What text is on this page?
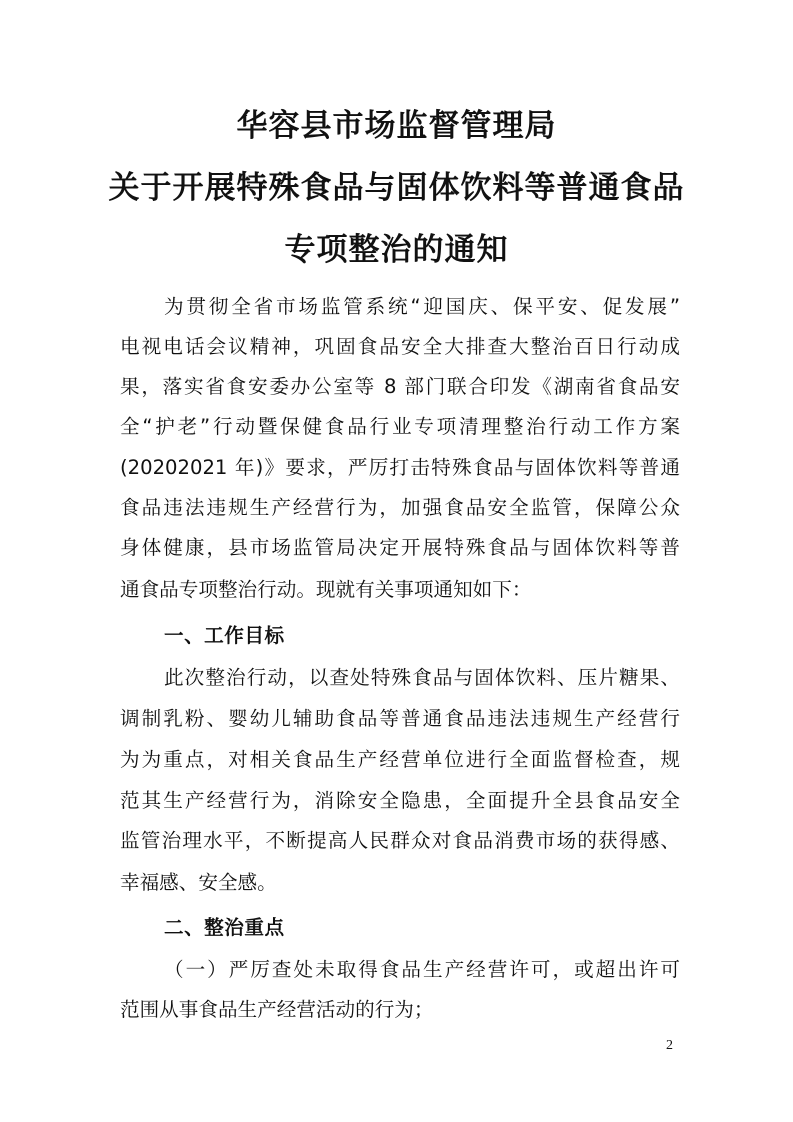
华容县市场监督管理局
关于开展特殊食品与固体饮料等普通食品
专项整治的通知

为贯彻全省市场监管系统“迎国庆、保平安、促发展”

电视电话会议精神，巩固食品安全大排查大整治百日行动成

果，落实省食安委办公室等 8 部门联合印发《湖南省食品安

全“护老”行动暨保健食品行业专项清理整治行动工作方案

(20202021 年)》要求，严厉打击特殊食品与固体饮料等普通

食品违法违规生产经营行为，加强食品安全监管，保障公众

身体健康，县市场监管局决定开展特殊食品与固体饮料等普

通食品专项整治行动。现就有关事项通知如下：

一、工作目标

此次整治行动，以查处特殊食品与固体饮料、压片糖果、

调制乳粉、婴幼儿辅助食品等普通食品违法违规生产经营行

为为重点，对相关食品生产经营单位进行全面监督检查，规

范其生产经营行为，消除安全隐患，全面提升全县食品安全

监管治理水平，不断提高人民群众对食品消费市场的获得感、

幸福感、安全感。

二、整治重点

（一）严厉查处未取得食品生产经营许可，或超出许可

范围从事食品生产经营活动的行为；

2
